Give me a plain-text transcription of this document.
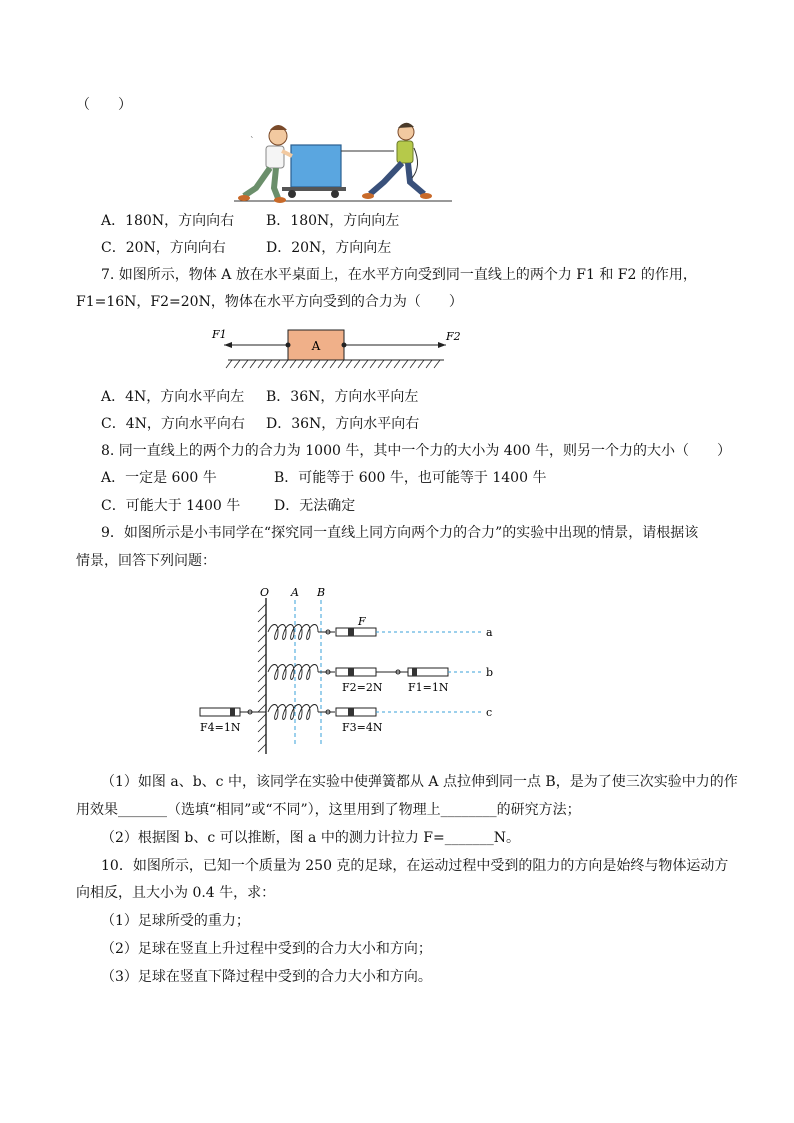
（　　）
ˋ
A．180N，方向向右 B．180N，方向向左
C．20N，方向向右	D．20N，方向向左
7. 如图所示，物体 A 放在水平桌面上，在水平方向受到同一直线上的两个力 F1 和 F2 的作用，
F1=16N，F2=20N，物体在水平方向受到的合力为（　　）
A
F1	F2
A．4N，方向水平向左 B．36N，方向水平向左
C．4N，方向水平向右 D．36N，方向水平向右
8. 同一直线上的两个力的合力为 1000 牛，其中一个力的大小为 400 牛，则另一个力的大小（　　）
A．一定是 600 牛	B．可能等于 600 牛，也可能等于 1400 牛
C．可能大于 1400 牛 D．无法确定
9．如图所示是小韦同学在“探究同一直线上同方向两个力的合力”的实验中出现的情景，请根据该
情景，回答下列问题：
O A B
F
a
b
F2=2N F1=1N
c
F4=1N	F3=4N
（1）如图 a、b、c 中，该同学在实验中使弹簧都从 A 点拉伸到同一点 B，是为了使三次实验中力的作
用效果_______（选填“相同”或“不同”），这里用到了物理上________的研究方法；
（2）根据图 b、c 可以推断，图 a 中的测力计拉力 F=_______N。
10．如图所示，已知一个质量为 250 克的足球，在运动过程中受到的阻力的方向是始终与物体运动方
向相反，且大小为 0.4 牛，求：
（1）足球所受的重力；
（2）足球在竖直上升过程中受到的合力大小和方向；
（3）足球在竖直下降过程中受到的合力大小和方向。
